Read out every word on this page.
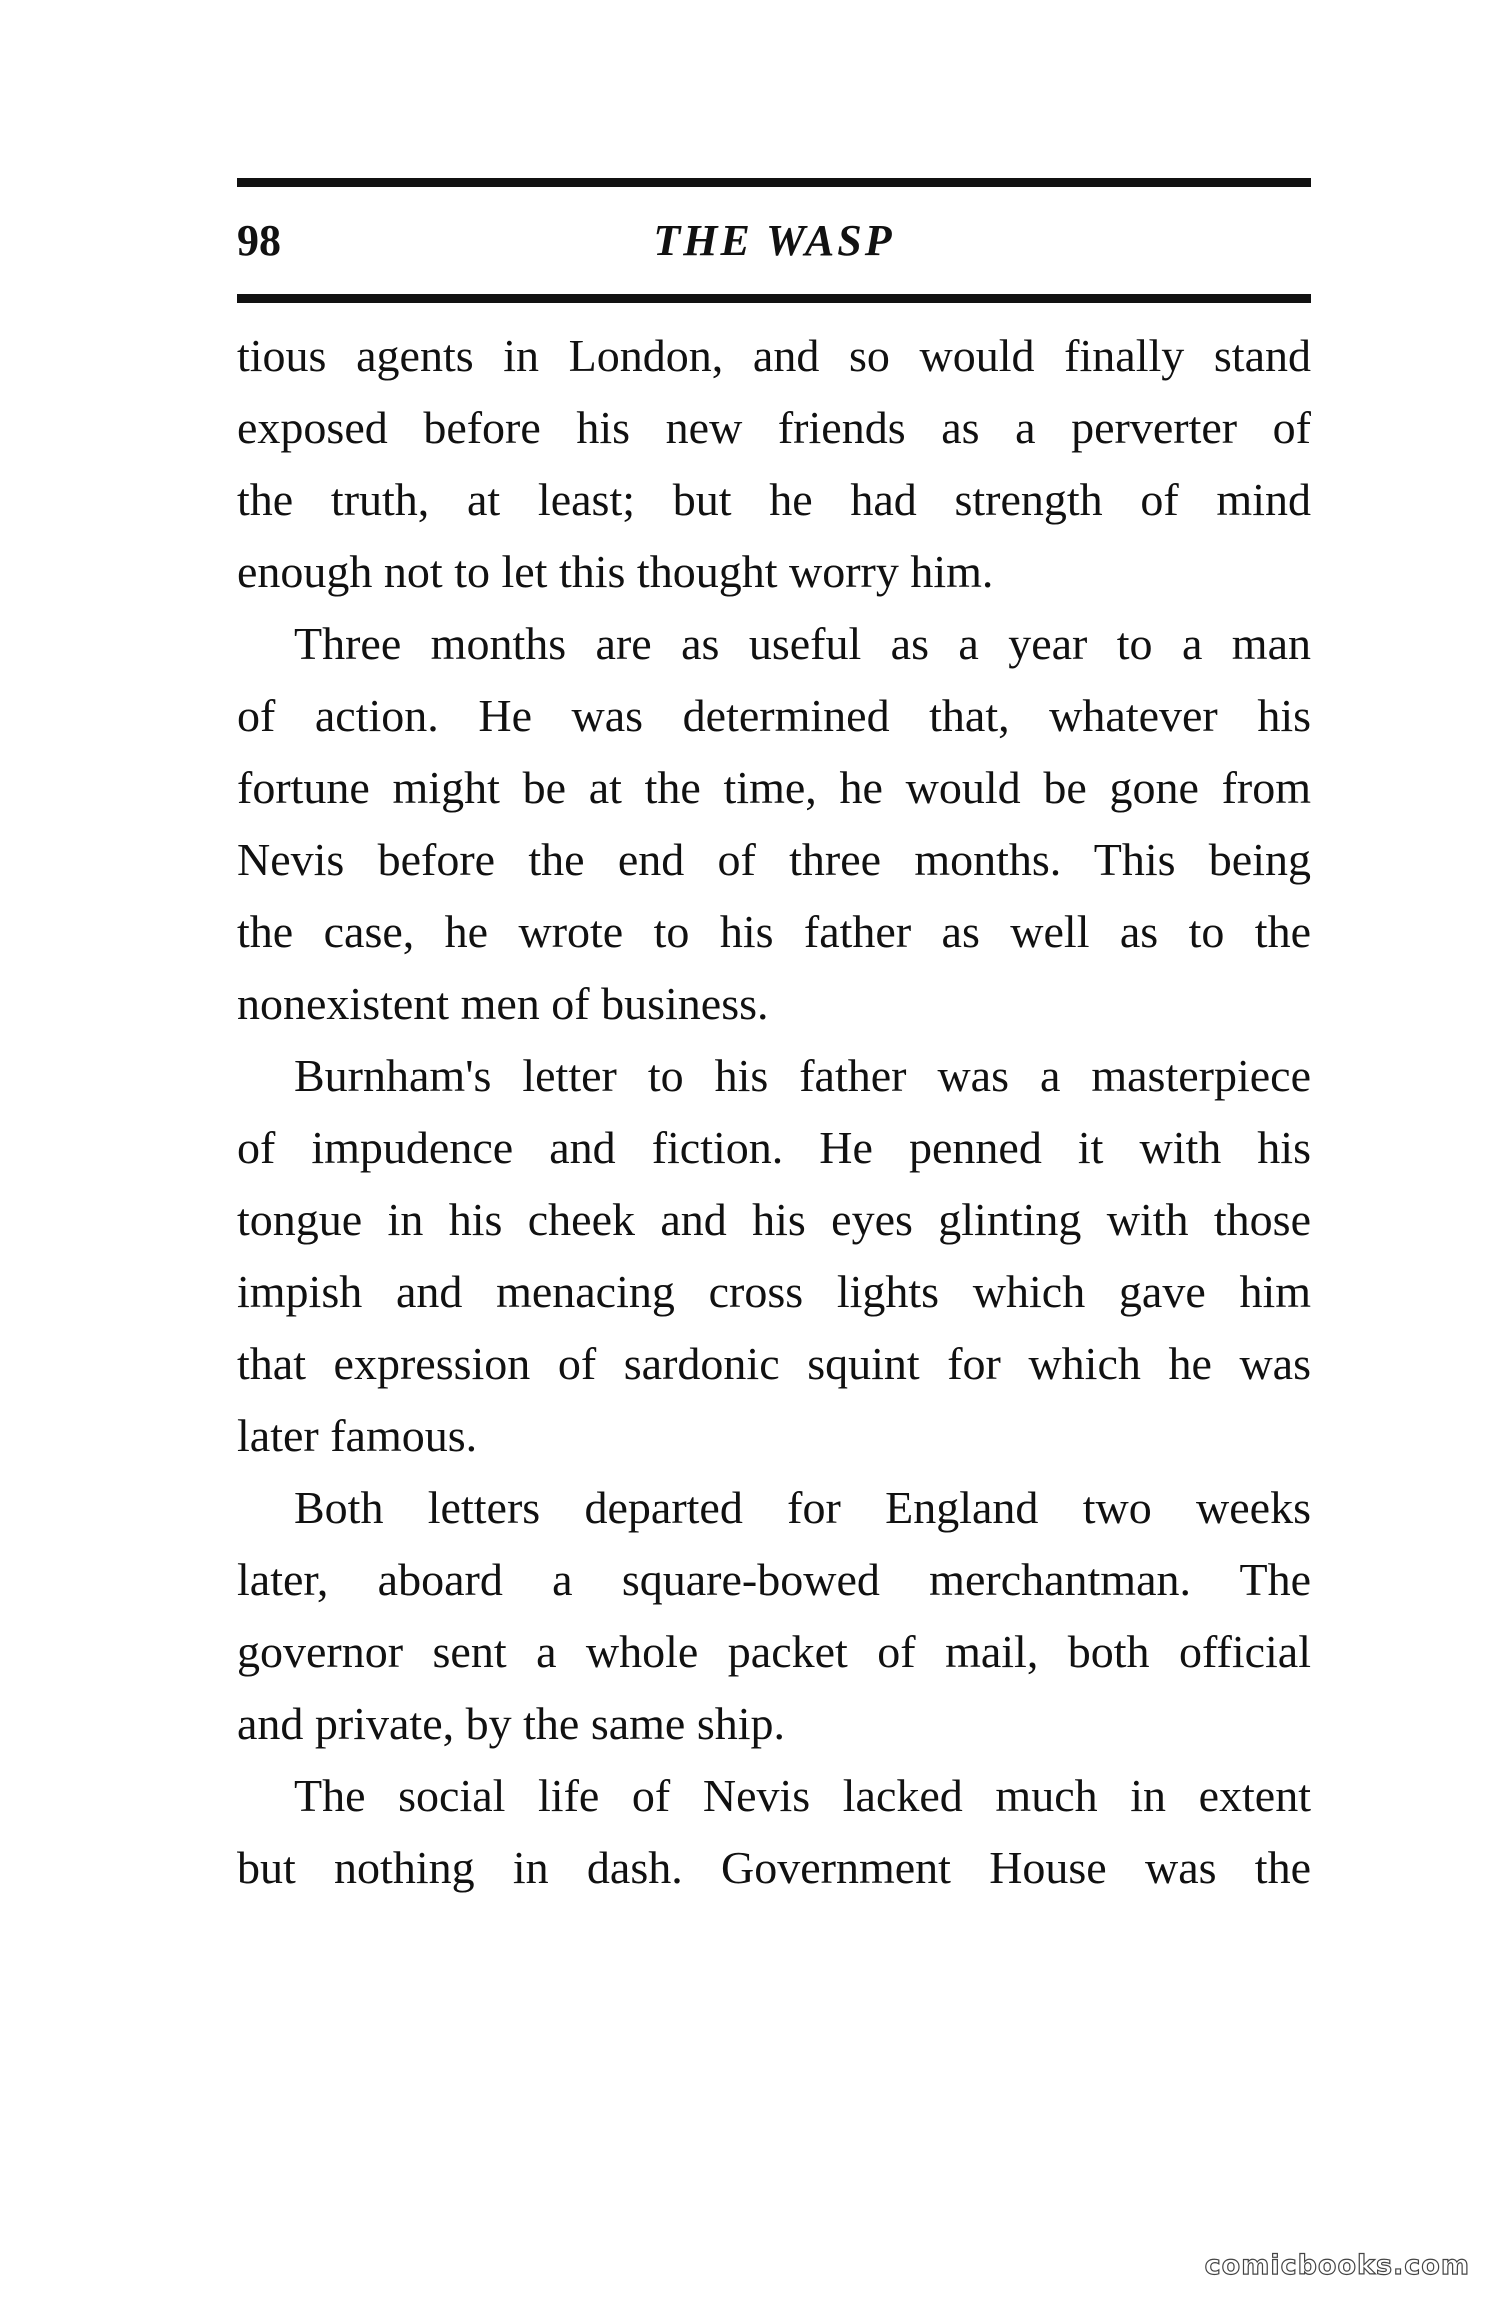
98	THE WASP
tious agents in London, and so would finally stand
exposed before his new friends as a perverter of
the truth, at least; but he had strength of mind
enough not to let this thought worry him.
Three months are as useful as a year to a man
of action. He was determined that, whatever his
fortune might be at the time, he would be gone from
Nevis before the end of three months. This being
the case, he wrote to his father as well as to the
nonexistent men of business.
Burnham's letter to his father was a masterpiece
of impudence and fiction. He penned it with his
tongue in his cheek and his eyes glinting with those
impish and menacing cross lights which gave him
that expression of sardonic squint for which he was
later famous.
Both letters departed for England two weeks
later, aboard a square-bowed merchantman. The
governor sent a whole packet of mail, both official
and private, by the same ship.
The social life of Nevis lacked much in extent
but nothing in dash. Government House was the
comicbooks.com
